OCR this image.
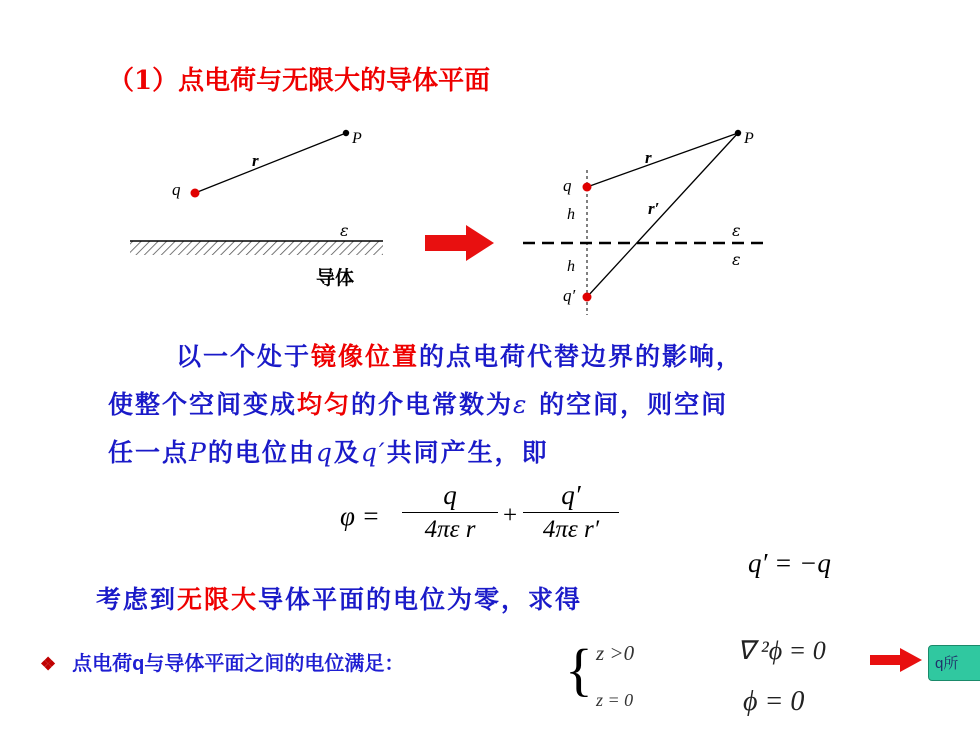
（1）点电荷与无限大的导体平面
P
r
q
ε
导体
P
r
r′
q
h
h
q′
ε
ε
以一个处于镜像位置的点电荷代替边界的影响，
使整个空间变成均匀的介电常数为ε 的空间，则空间
任一点P的电位由q及q′共同产生，即
φ =
q
4πε r
+
q′
4πε r′
q′ = −q
考虑到无限大导体平面的电位为零，求得
❖ 点电荷q与导体平面之间的电位满足：	{ z >0
z = 0
∇ ²ϕ = 0
ϕ = 0
q所
